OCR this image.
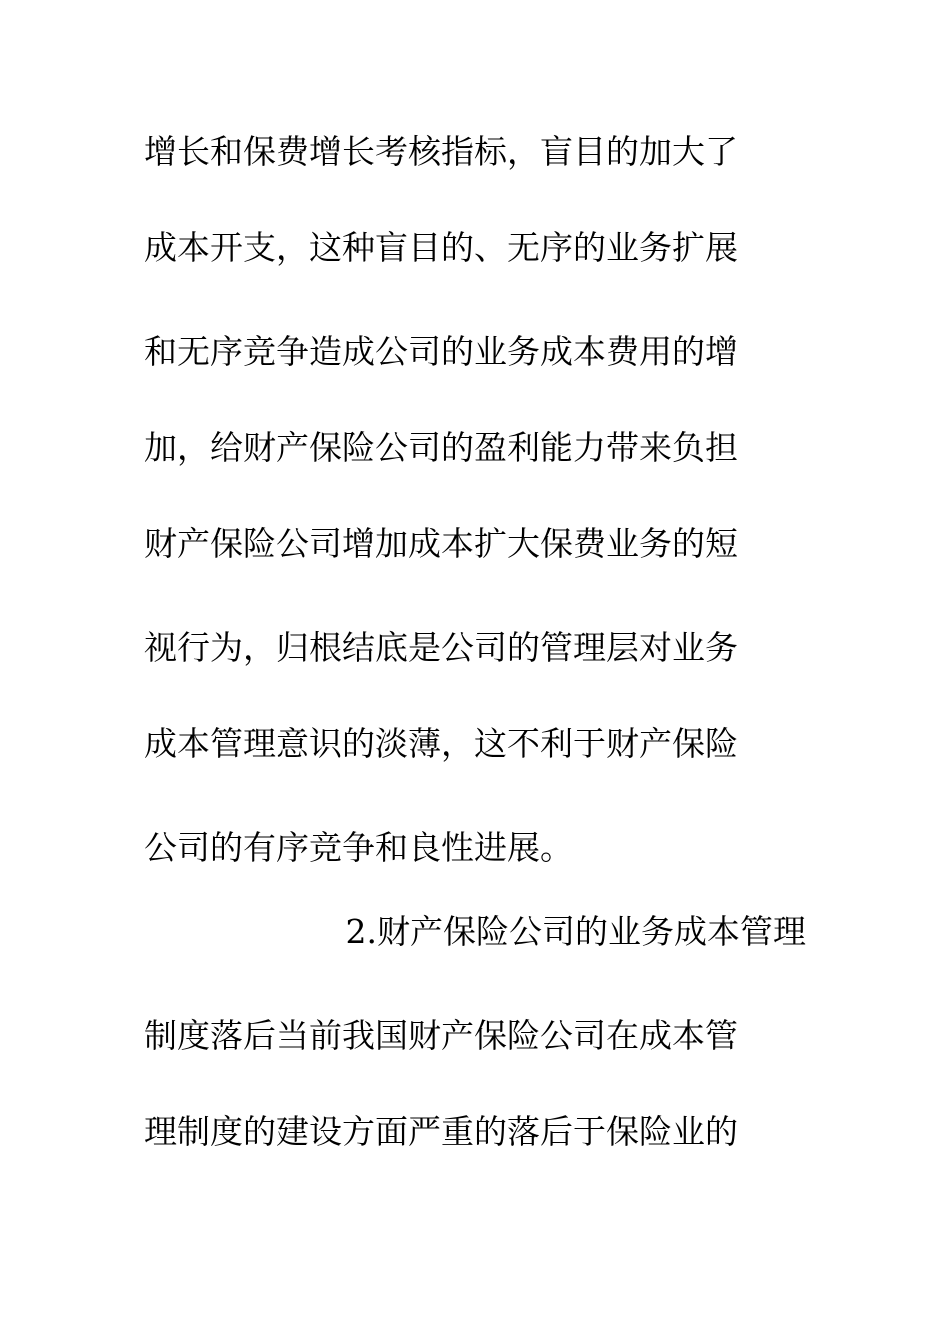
增长和保费增长考核指标，盲目的加大了
成本开支，这种盲目的、无序的业务扩展
和无序竞争造成公司的业务成本费用的增
加，给财产保险公司的盈利能力带来负担
财产保险公司增加成本扩大保费业务的短
视行为，归根结底是公司的管理层对业务
成本管理意识的淡薄，这不利于财产保险
公司的有序竞争和良性进展。
2.财产保险公司的业务成本管理
制度落后当前我国财产保险公司在成本管
理制度的建设方面严重的落后于保险业的
